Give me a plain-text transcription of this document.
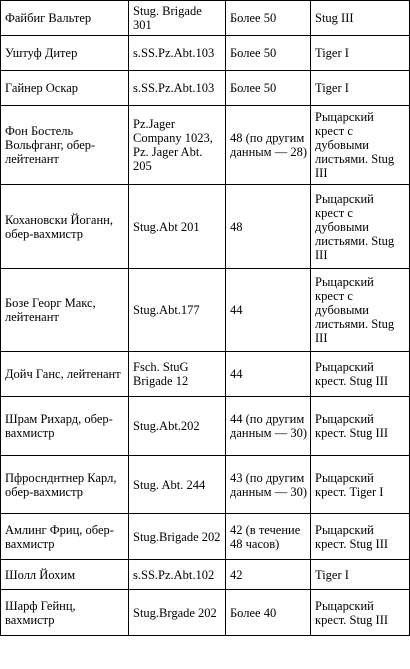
Файбиг Вальтер	Stug. Brigade 301	Более 50	Stug III
Уштуф Дитер	s.SS.Pz.Abt.103	Более 50	Tiger I
Гайнер Оскар	s.SS.Pz.Abt.103	Более 50	Tiger I
Фон Бостель Вольфганг, обер-лейтенант	Pz.Jager Company 1023, Pz. Jager Abt. 205	48 (по другим данным — 28)	Рыцарский крест с дубовыми листьями. Stug III
Кохановски Йоганн, обер-вахмистр	Stug.Abt 201	48	Рыцарский крест с дубовыми листьями. Stug III
Бозе Георг Макс, лейтенант	Stug.Abt.177	44	Рыцарский крест с дубовыми листьями. Stug III
Дойч Ганс, лейтенант	Fsch. StuG Brigade 12	44	Рыцарский крест. Stug III
Шрам Рихард, обер-вахмистр	Stug.Abt.202	44 (по другим данным — 30)	Рыцарский крест. Stug III
Пфроснднтнер Карл, обер-вахмистр	Stug. Abt. 244	43 (по другим данным — 30)	Рыцарский крест. Tiger I
Амлинг Фриц, обер-вахмистр	Stug.Brigade 202	42 (в течение 48 часов)	Рыцарский крест. Stug III
Шолл Йохим	s.SS.Pz.Abt.102	42	Tiger I
Шарф Гейнц, вахмистр	Stug.Brgade 202	Более 40	Рыцарский крест. Stug III
